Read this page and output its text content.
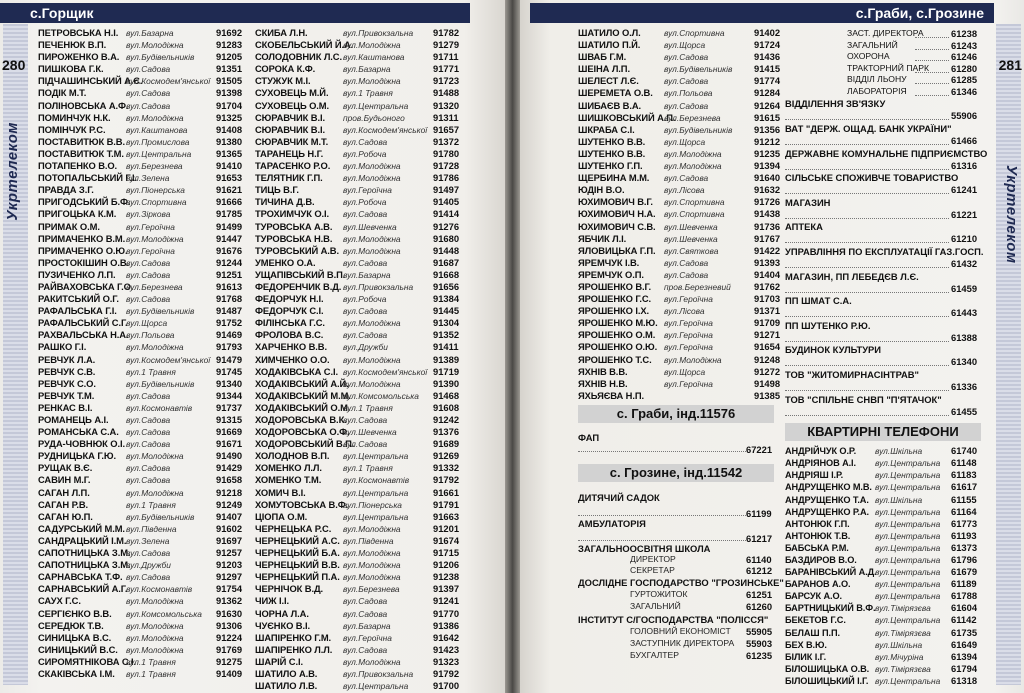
с.Горщик
280
Укртелеком
ПЕТРОВСЬКА Н.І. вул.Базарна	91692
ПЕЧЕНЮК В.П. вул.Молодіжна	91283
ПИРОЖЕНКО В.А. вул.Будівельників 91205
ПИШКОВА Г.К.	вул.Садова	91351
ПІДЧАШИНСЬКИЙ А.Є.
вул.Космодем'янської 91505
ПОДІК М.Т.	вул.Садова	91398
ПОЛІНОВСЬКА А.Ф.
вул.Садова	91704
ПОМИНЧУК Н.К. вул.Молодіжна	91325
ПОМІНЧУК Р.С. вул.Каштанова	91408
ПОСТАВИТЮК В.В. вул.Промислова	91380
ПОСТАВИТЮК Т.М. вул.Центральна	91365
ПОТАПЕНКО В.О. вул.Березнева	91410
ПОТОПАЛЬСЬКИЙ Г.І.
вул.Зелена	91653
ПРАВДА З.Г.	вул.Піонерська	91621
ПРИГОДСЬКИЙ Б.Ф.
вул.Спортивна	91666
ПРИГОЦЬКА К.М. вул.Зіркова	91785
ПРИМАК О.М.	вул.Героїчна	91499
ПРИМАЧЕНКО В.М. вул.Молодіжна	91447
ПРИМАЧЕНКО О.Ю.
вул.Героїчна	91676
ПРОСТОКІШИН О.В.
вул.Садова	91244
ПУЗИЧЕНКО Л.П. вул.Садова	91251
РАЙВАХОВСЬКА Г.О.
вул.Березнева	91613
РАКИТСЬКИЙ О.Г. вул.Садова	91768
РАФАЛЬСЬКА Г.І. вул.Будівельників 91487
РАФАЛЬСЬКИЙ С.Г.
вул.Щорса	91752
РАХВАЛЬСЬКА Н.А.
вул.Польова	91469
РАШКО Г.І.	вул.Молодіжна	91793
РЕВЧУК Л.А.	вул.Космодем'янської 91479
РЕВЧУК С.В.	вул.1 Травня	91745
РЕВЧУК С.О.	вул.Будівельників 91340
РЕВЧУК Т.М.	вул.Садова	91344
РЕНКАС В.І.	вул.Космонавтів	91737
РОМАНЕЦЬ А.І. вул.Садова	91315
РОМАНСЬКА С.А. вул.Садова	91669
РУДА-ЧОВНЮК О.І. вул.Садова	91671
РУДНИЦЬКА Г.Ю. вул.Молодіжна	91490
РУЩАК В.Є.	вул.Садова	91429
САВИН М.Г.	вул.Садова	91658
САГАН Л.П.	вул.Молодіжна	91218
САГАН Р.В.	вул.1 Травня	91249
САГАН Ю.П.	вул.Будівельників 91407
САДУРСЬКИЙ М.М. вул.Південна	91602
САНДРАЦЬКИЙ І.М. вул.Зелена	91697
САПОТНИЦЬКА З.М.
вул.Садова	91257
САПОТНИЦЬКА З.М.
вул.Дружби	91203
САРНАВСЬКА Т.Ф. вул.Садова	91297
САРНАВСЬКИЙ А.Г.
вул.Космонавтів	91754
САУХ Г.С.	вул.Молодіжна	91362
СЕРГІЄНКО В.В. вул.Комсомольська 91630
СЕРЕДЮК Т.В.	вул.Молодіжна	91306
СИНИЦЬКА В.С. вул.Молодіжна	91224
СИНИЦЬКИЙ В.С. вул.Молодіжна	91769
СИРОМЯТНІКОВА С.І.
вул.1 Травня	91275
СКАКІВСЬКА І.М. вул.1 Травня	91409
СКИБА Л.Н.	вул.Привокзальна 91782
СКОБЕЛЬСЬКИЙ Й.А.
вул.Молодіжна	91279
СОЛОДОВНИК Л.С. вул.Каштанова	91711
СОРОКА К.Ф.	вул.Базарна	91771
СТУЖУК М.І.	вул.Молодіжна	91723
СУХОВЕЦЬ М.Й. вул.1 Травня	91488
СУХОВЕЦЬ О.М. вул.Центральна	91320
СЮРАВЧИК В.І. пров.Будьоного	91311
СЮРАВЧИК В.І. вул.Космодем'янської 91657
СЮРАВЧИК М.Т. вул.Садова	91372
ТАРАНЕЦЬ Н.Г. вул.Робоча	91780
ТАРАСЕНКО Р.О. вул.Молодіжна	91728
ТЕЛЯТНИК Г.П. вул.Молодіжна	91786
ТИЦЬ В.Г.	вул.Героїчна	91497
ТИЧИНА Д.В.	вул.Робоча	91405
ТРОХИМЧУК О.І. вул.Садова	91414
ТУРОВСЬКА А.В. вул.Шевченка	91276
ТУРОВСЬКА Н.В. вул.Молодіжна	91680
ТУРОВСЬКИЙ А.В. вул.Молодіжна	91448
УМЕНКО О.А.	вул.Садова	91687
УЩАПІВСЬКИЙ В.П.
вул.Базарна	91668
ФЕДОРЕНЧИК В.Д. вул.Привокзальна 91656
ФЕДОРЧУК Н.І. вул.Робоча	91384
ФЕДОРЧУК С.І. вул.Садова	91445
ФІЛІНСЬКА Г.С. вул.Молодіжна	91304
ФРОЛОВА В.С. вул.Садова	91352
ХАРЧЕНКО В.В. вул.Дружби	91411
ХИМЧЕНКО О.О. вул.Молодіжна	91389
ХОДАКІВСЬКА С.І. вул.Космодем'янської 91719
ХОДАКІВСЬКИЙ А.Й.
вул.Молодіжна	91390
ХОДАКІВСЬКИЙ М.М.
вул.Комсомольська 91468
ХОДАКІВСЬКИЙ О.М.
вул.1 Травня	91608
ХОДОРОВСЬКА В.К.
вул.Садова	91242
ХОДОРОВСЬКА О.Ф.
вул.Шевченка	91376
ХОДОРОВСЬКИЙ В.П.
вул.Садова	91689
ХОЛОДНОВ В.П. вул.Центральна	91269
ХОМЕНКО Л.Л.	вул.1 Травня	91332
ХОМЕНКО Т.М.	вул.Космонавтів	91792
ХОМИЧ В.І.	вул.Центральна	91661
ХОМУТОВСЬКА В.Ф.
вул.Піонерська	91791
ЦІОПА О.М.	вул.Центральна	91663
ЧЕРНЕЦЬКА Р.С. вул.Молодіжна	91201
ЧЕРНЕЦЬКИЙ А.С. вул.Південна	91674
ЧЕРНЕЦЬКИЙ Б.А. вул.Молодіжна	91715
ЧЕРНЕЦЬКИЙ В.В. вул.Молодіжна	91206
ЧЕРНЕЦЬКИЙ П.А. вул.Молодіжна	91238
ЧЕРНІЧОК В.Д. вул.Березнева	91397
ЧИЖ І.І.	вул.Садова	91241
ЧОРНА Л.А.	вул.Садова	91770
ЧУЄНКО В.І.	вул.Базарна	91386
ШАПІРЕНКО Г.М. вул.Героїчна	91642
ШАПІРЕНКО Л.Л. вул.Садова	91423
ШАРІЙ С.І.	вул.Молодіжна	91323
ШАТИЛО А.В.	вул.Привокзальна 91792
ШАТИЛО Л.В.	вул.Центральна	91700
с.Граби, с.Грозине
281
Укртелеком
ШАТИЛО О.Л.	вул.Спортивна	91402
ШАТИЛО П.Й.	вул.Щорса	91724
ШВАБ Г.М.	вул.Садова	91436
ШЕІНА Л.П.	вул.Будівельників 91415
ШЕЛЕСТ Л.Є.	вул.Садова	91774
ШЕРЕМЕТА О.В. вул.Польова	91284
ШИБАЄВ В.А.	вул.Садова	91264
ШИШКОВСЬКИЙ А.П.
вул.Березнева	91615
ШКРАБА С.І.	вул.Будівельників 91356
ШУТЕНКО В.В. вул.Щорса	91212
ШУТЕНКО В.В. вул.Молодіжна	91235
ШУТЕНКО Г.П.	вул.Молодіжна	91394
ЩЕРБИНА М.М. вул.Садова	91640
ЮДІН В.О.	вул.Лісова	91632
ЮХИМОВИЧ В.Г. вул.Спортивна	91726
ЮХИМОВИЧ Н.А. вул.Спортивна	91438
ЮХИМОВИЧ С.В. вул.Шевченка	91736
ЯБЧИК Л.І.	вул.Шевченка	91767
ЯЛОВИЦЬКА Г.П. вул.Святкова	91422
ЯРЕМЧУК І.В.	вул.Садова	91393
ЯРЕМЧУК О.П. вул.Садова	91404
ЯРОШЕНКО В.Г. пров.Березневий 91762
ЯРОШЕНКО Г.С. вул.Героїчна	91703
ЯРОШЕНКО І.Х. вул.Лісова	91371
ЯРОШЕНКО М.Ю. вул.Героїчна	91709
ЯРОШЕНКО О.М. вул.Героїчна	91271
ЯРОШЕНКО О.Ю. вул.Героїчна	91654
ЯРОШЕНКО Т.С. вул.Молодіжна	91248
ЯХНІВ В.В.	вул.Щорса	91272
ЯХНІВ Н.В.	вул.Героїчна	91498
ЯХЬЯЄВА Н.П.	91385
с. Граби, інд.11576
ФАП
67221
с. Грозине, інд.11542
ДИТЯЧИЙ САДОК
61199
АМБУЛАТОРІЯ
61217
ЗАГАЛЬНООСВІТНЯ ШКОЛА
ДИРЕКТОР	61140
СЕКРЕТАР	61212
ДОСЛІДНЕ ГОСПОДАРСТВО "ГРОЗИНСЬКЕ"
ГУРТОЖИТОК	61251
ЗАГАЛЬНИЙ	61260
ІНСТИТУТ С/ГОСПОДАРСТВА "ПОЛІССЯ"
ГОЛОВНИЙ ЕКОНОМІСТ 55905
ЗАСТУПНИК ДИРЕКТОРА 55903
БУХГАЛТЕР	61235
ЗАСТ. ДИРЕКТОРА	61238
ЗАГАЛЬНИЙ	61243
ОХОРОНА	61246
ТРАКТОРНИЙ ПАРК 61280
ВІДДІЛ ЛЬОНУ	61285
ЛАБОРАТОРІЯ	61346
ВІДДІЛЕННЯ ЗВ'ЯЗКУ
55906
ВАТ "ДЕРЖ. ОЩАД. БАНК УКРАЇНИ"
61466
ДЕРЖАВНЕ КОМУНАЛЬНЕ ПІДПРИЄМСТВО
61316
СІЛЬСЬКЕ СПОЖИВЧЕ ТОВАРИСТВО
61241
МАГАЗИН
61221
АПТЕКА
61210
УПРАВЛІННЯ ПО ЕКСПЛУАТАЦІЇ ГАЗ.ГОСП.
61432
МАГАЗИН, ПП ЛЕБЕДЄВ Л.Є.
61459
ПП ШМАТ С.А.
61443
ПП ШУТЕНКО Р.Ю.
61388
БУДИНОК КУЛЬТУРИ
61340
ТОВ "ЖИТОМИРНАСІНТРАВ"
61336
ТОВ "СПІЛЬНЕ СНВП "П'ЯТАЧОК"
61455
КВАРТИРНІ ТЕЛЕФОНИ
АНДРІЙЧУК О.Р. вул.Шкільна	61740
АНДРІЯНОВ А.І. вул.Центральна 61148
АНДРІЯШ І.Р.	вул.Центральна 61183
АНДРУЩЕНКО М.В. вул.Центральна 61617
АНДРУЩЕНКО Т.А. вул.Шкільна	61155
АНДРУЩЕНКО Р.А. вул.Центральна 61164
АНТОНЮК Г.П.	вул.Центральна 61773
АНТОНЮК Т.В.	вул.Центральна 61193
БАБСЬКА Р.М.	вул.Центральна 61373
БАЗДИРОВ В.О. вул.Центральна 61796
БАРАНІВСЬКИЙ А.Д.
вул.Центральна 61679
БАРАНОВ А.О.	вул.Центральна 61189
БАРСУК А.О.	вул.Центральна 61788
БАРТНИЦЬКИЙ В.Ф. вул.Тімірязєва 61604
БЕКЕТОВ Г.С.	вул.Центральна 61142
БЕЛАШ П.П.	вул.Тімірязєва 61735
БЕХ В.Ю.	вул.Шкільна	61649
БІЛИК І.Г.	вул.Мічуріна	61394
БІЛОШИЦЬКА О.В. вул.Тімірязєва 61794
БІЛОШИЦЬКИЙ І.Г. вул.Центральна 61318
